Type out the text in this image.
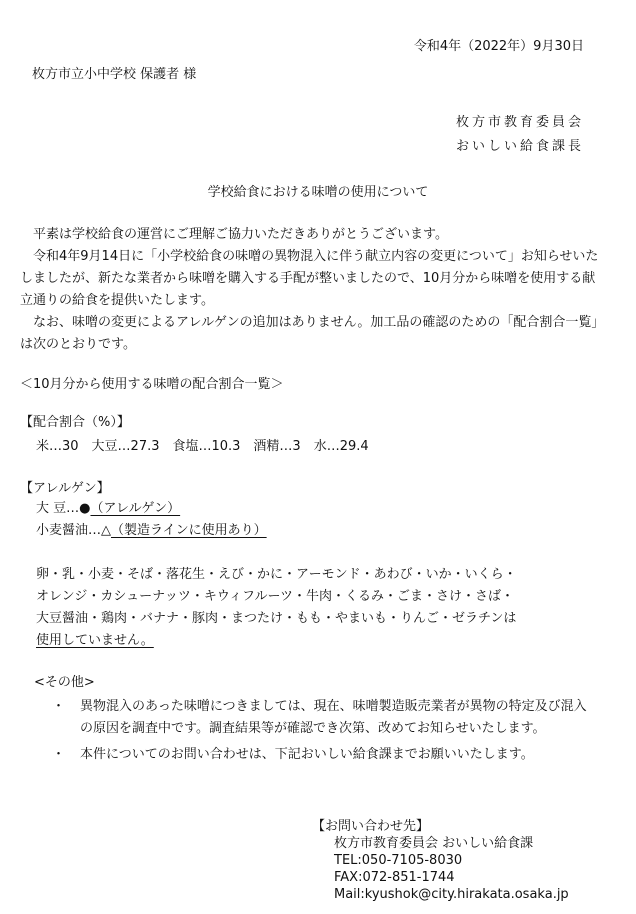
令和4年（2022年）9月30日
枚方市立小中学校 保護者 様
枚方市教育委員会
おいしい給食課長
学校給食における味噌の使用について

平素は学校給食の運営にご理解ご協力いただきありがとうございます。

令和4年9月14日に「小学校給食の味噌の異物混入に伴う献立内容の変更について」お知らせいたしましたが、新たな業者から味噌を購入する手配が整いましたので、10月分から味噌を使用する献立通りの給食を提供いたします。

なお、味噌の変更によるアレルゲンの追加はありません。加工品の確認のための「配合割合一覧」は次のとおりです。

＜10月分から使用する味噌の配合割合一覧＞
【配合割合（%）】
米…30　大豆…27.3　食塩…10.3　酒精…3　水…29.4
【アレルゲン】
大 豆…●（アレルゲン）
小麦醤油…△（製造ラインに使用あり）
卵・乳・小麦・そば・落花生・えび・かに・アーモンド・あわび・いか・いくら・
オレンジ・カシューナッツ・キウィフルーツ・牛肉・くるみ・ごま・さけ・さば・
大豆醤油・鶏肉・バナナ・豚肉・まつたけ・もも・やまいも・りんご・ゼラチンは
使用していません。
<その他>
・	異物混入のあった味噌につきましては、現在、味噌製造販売業者が異物の特定及び混入の原因を調査中です。調査結果等が確認でき次第、改めてお知らせいたします。
・	本件についてのお問い合わせは、下記おいしい給食課までお願いいたします。
【お問い合わせ先】
枚方市教育委員会 おいしい給食課
TEL:050-7105-8030
FAX:072-851-1744
Mail:kyushok@city.hirakata.osaka.jp
